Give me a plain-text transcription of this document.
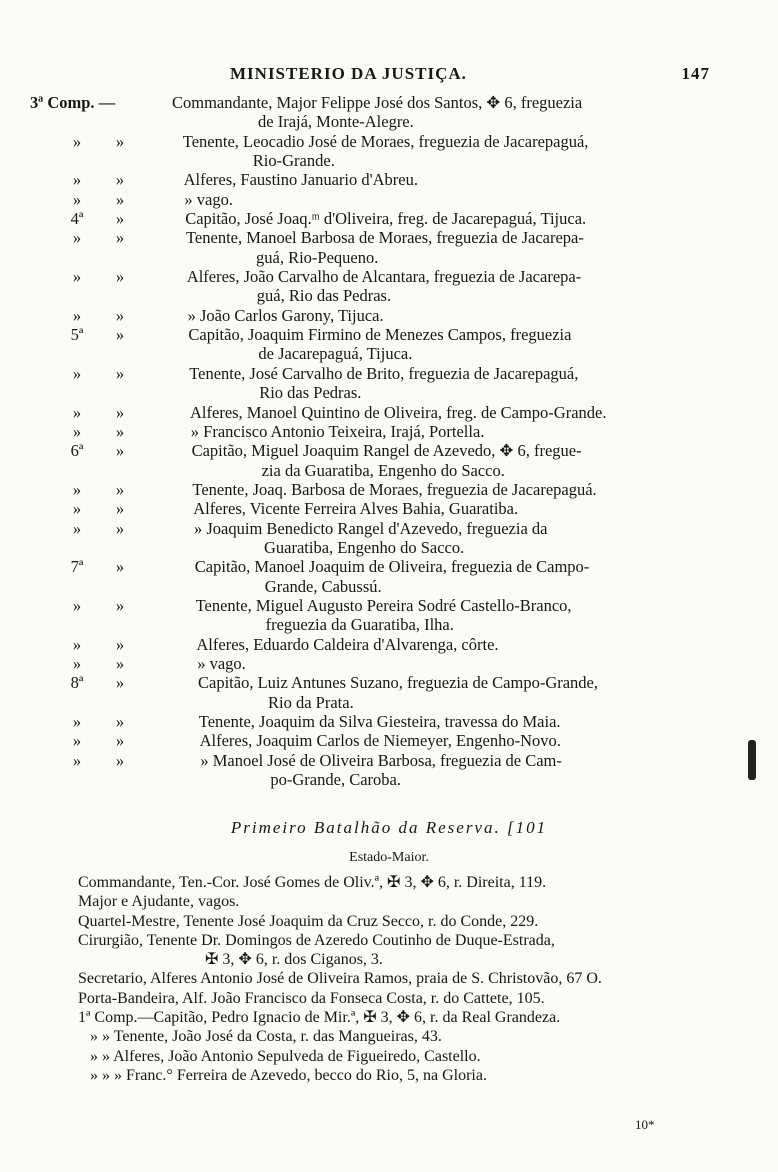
MINISTERIO DA JUSTIÇA.	147
3ª Comp. —	Commandante, Major Felippe José dos Santos, ✥ 6, freguezia
de Irajá, Monte-Alegre.
»	»	Tenente, Leocadio José de Moraes, freguezia de Jacarepaguá,
Rio-Grande.
»	»	Alferes, Faustino Januario d'Abreu.
»	»	» vago.
4ª	»	Capitão, José Joaq.ᵐ d'Oliveira, freg. de Jacarepaguá, Tijuca.
»	»	Tenente, Manoel Barbosa de Moraes, freguezia de Jacarepa-
guá, Rio-Pequeno.
»	»	Alferes, João Carvalho de Alcantara, freguezia de Jacarepa-
guá, Rio das Pedras.
»	»	» João Carlos Garony, Tijuca.
5ª	»	Capitão, Joaquim Firmino de Menezes Campos, freguezia
de Jacarepaguá, Tijuca.
»	»	Tenente, José Carvalho de Brito, freguezia de Jacarepaguá,
Rio das Pedras.
»	»	Alferes, Manoel Quintino de Oliveira, freg. de Campo-Grande.
»	»	» Francisco Antonio Teixeira, Irajá, Portella.
6ª	»	Capitão, Miguel Joaquim Rangel de Azevedo, ✥ 6, fregue-
zia da Guaratiba, Engenho do Sacco.
»	»	Tenente, Joaq. Barbosa de Moraes, freguezia de Jacarepaguá.
»	»	Alferes, Vicente Ferreira Alves Bahia, Guaratiba.
»	»	» Joaquim Benedicto Rangel d'Azevedo, freguezia da
Guaratiba, Engenho do Sacco.
7ª	»	Capitão, Manoel Joaquim de Oliveira, freguezia de Campo-
Grande, Cabussú.
»	»	Tenente, Miguel Augusto Pereira Sodré Castello-Branco,
freguezia da Guaratiba, Ilha.
»	»	Alferes, Eduardo Caldeira d'Alvarenga, côrte.
»	»	» vago.
8ª	»	Capitão, Luiz Antunes Suzano, freguezia de Campo-Grande,
Rio da Prata.
»	»	Tenente, Joaquim da Silva Giesteira, travessa do Maia.
»	»	Alferes, Joaquim Carlos de Niemeyer, Engenho-Novo.
»	»	» Manoel José de Oliveira Barbosa, freguezia de Cam-
po-Grande, Caroba.
Primeiro Batalhão da Reserva. [101
Estado-Maior.
Commandante, Ten.-Cor. José Gomes de Oliv.ª, ✠ 3, ✥ 6, r. Direita, 119.
Major e Ajudante, vagos.
Quartel-Mestre, Tenente José Joaquim da Cruz Secco, r. do Conde, 229.
Cirurgião, Tenente Dr. Domingos de Azeredo Coutinho de Duque-Estrada,
✠ 3, ✥ 6, r. dos Ciganos, 3.
Secretario, Alferes Antonio José de Oliveira Ramos, praia de S. Christovão, 67 O.
Porta-Bandeira, Alf. João Francisco da Fonseca Costa, r. do Cattete, 105.
1ª Comp.—Capitão, Pedro Ignacio de Mir.ª, ✠ 3, ✥ 6, r. da Real Grandeza.
» » Tenente, João José da Costa, r. das Mangueiras, 43.
» » Alferes, João Antonio Sepulveda de Figueiredo, Castello.
» » » Franc.° Ferreira de Azevedo, becco do Rio, 5, na Gloria.
10*
